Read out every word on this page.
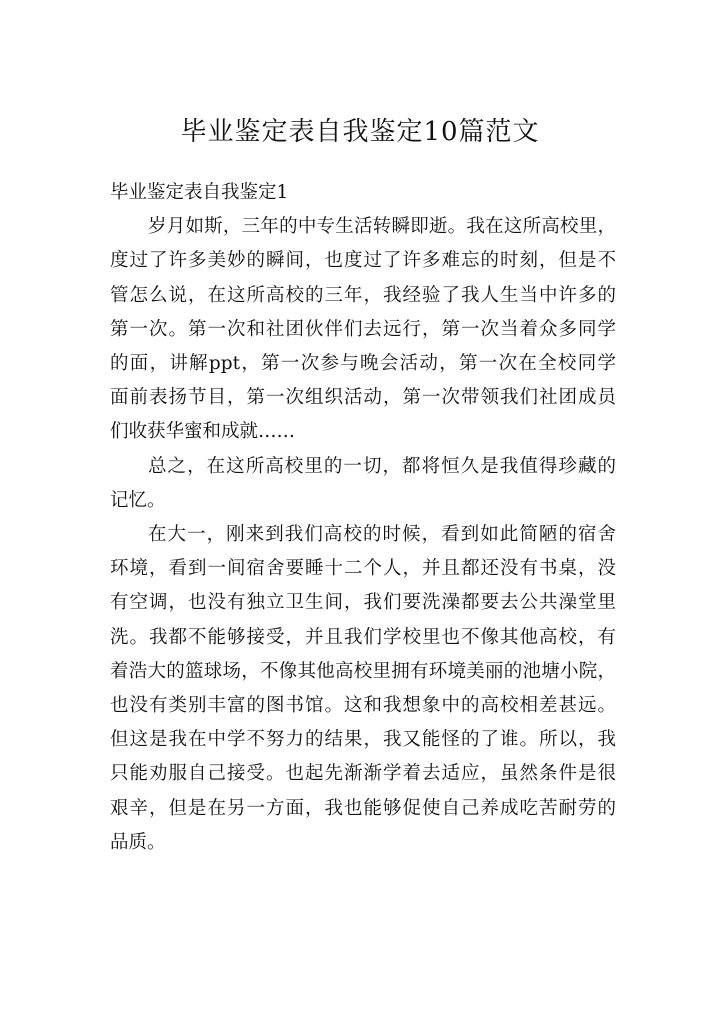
毕业鉴定表自我鉴定10篇范文
毕业鉴定表自我鉴定1

岁月如斯，三年的中专生活转瞬即逝。我在这所高校里，
度过了许多美妙的瞬间，也度过了许多难忘的时刻，但是不
管怎么说，在这所高校的三年，我经验了我人生当中许多的
第一次。第一次和社团伙伴们去远行，第一次当着众多同学
的面，讲解ppt，第一次参与晚会活动，第一次在全校同学
面前表扬节目，第一次组织活动，第一次带领我们社团成员
们收获华蜜和成就……

总之，在这所高校里的一切，都将恒久是我值得珍藏的
记忆。

在大一，刚来到我们高校的时候，看到如此简陋的宿舍
环境，看到一间宿舍要睡十二个人，并且都还没有书桌，没
有空调，也没有独立卫生间，我们要洗澡都要去公共澡堂里
洗。我都不能够接受，并且我们学校里也不像其他高校，有
着浩大的篮球场，不像其他高校里拥有环境美丽的池塘小院，
也没有类别丰富的图书馆。这和我想象中的高校相差甚远。
但这是我在中学不努力的结果，我又能怪的了谁。所以，我
只能劝服自己接受。也起先渐渐学着去适应，虽然条件是很
艰辛，但是在另一方面，我也能够促使自己养成吃苦耐劳的
品质。
